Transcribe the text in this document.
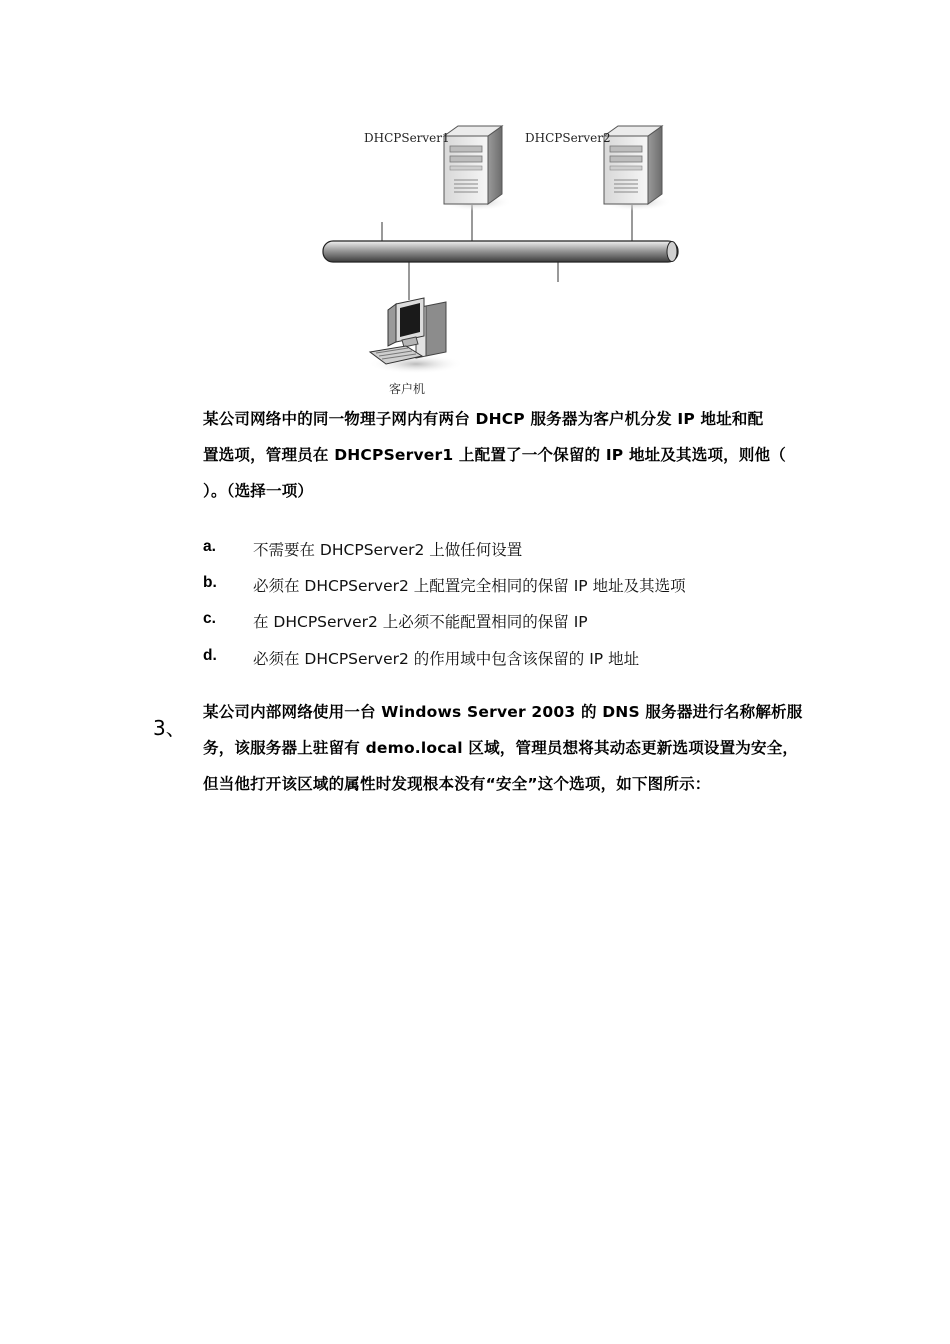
DHCPServer1	DHCPServer2
客户机
某公司网络中的同一物理子网内有两台 DHCP 服务器为客户机分发 IP 地址和配
置选项，管理员在 DHCPServer1 上配置了一个保留的 IP 地址及其选项，则他（
）。（选择一项）
a. 不需要在 DHCPServer2 上做任何设置
b. 必须在 DHCPServer2 上配置完全相同的保留 IP 地址及其选项
c. 在 DHCPServer2 上必须不能配置相同的保留 IP
d. 必须在 DHCPServer2 的作用域中包含该保留的 IP 地址
3、
某公司内部网络使用一台 Windows Server 2003 的 DNS 服务器进行名称解析服
务，该服务器上驻留有 demo.local 区域，管理员想将其动态更新选项设置为安全，
但当他打开该区域的属性时发现根本没有“安全”这个选项，如下图所示：
